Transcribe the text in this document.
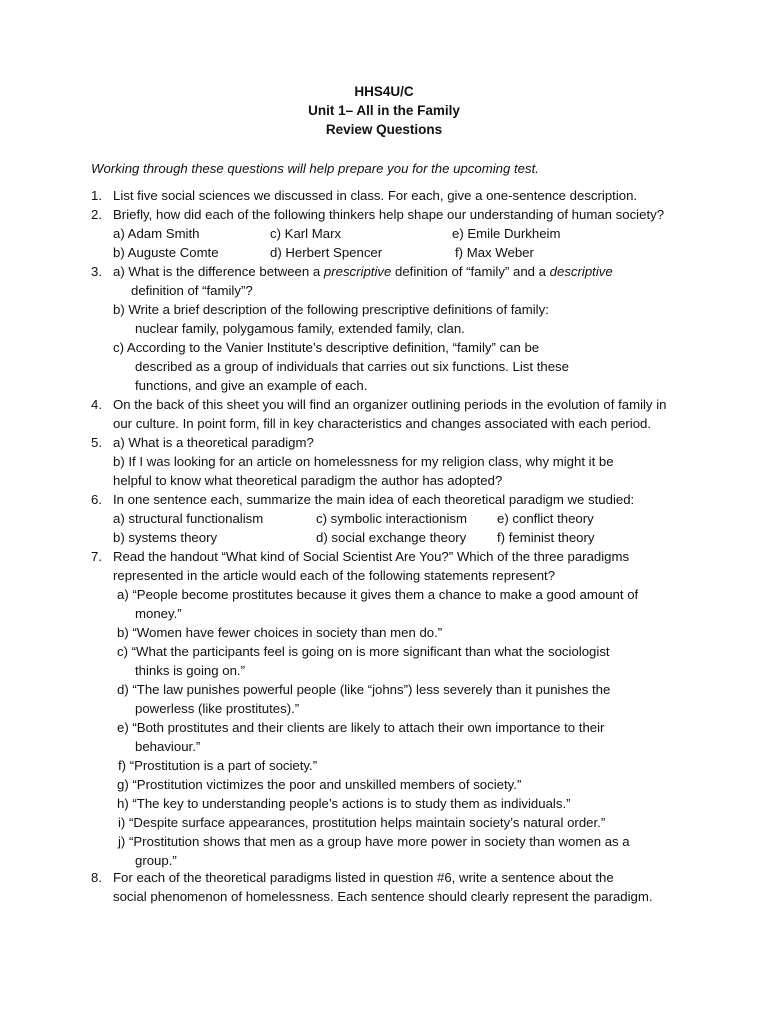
HHS4U/C
Unit 1– All in the Family
Review Questions
Working through these questions will help prepare you for the upcoming test.
1. List five social sciences we discussed in class. For each, give a one-sentence description.
2. Briefly, how did each of the following thinkers help shape our understanding of human society?
a) Adam Smith	c) Karl Marx	e) Emile Durkheim
b) Auguste Comte	d) Herbert Spencer	f) Max Weber
3. a) What is the difference between a prescriptive definition of “family” and a descriptive
definition of “family”?
b) Write a brief description of the following prescriptive definitions of family:
nuclear family, polygamous family, extended family, clan.
c) According to the Vanier Institute’s descriptive definition, “family” can be
described as a group of individuals that carries out six functions. List these
functions, and give an example of each.
4. On the back of this sheet you will find an organizer outlining periods in the evolution of family in
our culture. In point form, fill in key characteristics and changes associated with each period.
5. a) What is a theoretical paradigm?
b) If I was looking for an article on homelessness for my religion class, why might it be
helpful to know what theoretical paradigm the author has adopted?
6. In one sentence each, summarize the main idea of each theoretical paradigm we studied:
a) structural functionalism	c) symbolic interactionism e) conflict theory
b) systems theory	d) social exchange theory f) feminist theory
7. Read the handout “What kind of Social Scientist Are You?” Which of the three paradigms
represented in the article would each of the following statements represent?
a) “People become prostitutes because it gives them a chance to make a good amount of
money.”
b) “Women have fewer choices in society than men do.”
c) “What the participants feel is going on is more significant than what the sociologist
thinks is going on.”
d) “The law punishes powerful people (like “johns”) less severely than it punishes the
powerless (like prostitutes).”
e) “Both prostitutes and their clients are likely to attach their own importance to their
behaviour.”
f) “Prostitution is a part of society.”
g) “Prostitution victimizes the poor and unskilled members of society.”
h) “The key to understanding people’s actions is to study them as individuals.”
i) “Despite surface appearances, prostitution helps maintain society’s natural order.”
j) “Prostitution shows that men as a group have more power in society than women as a
group.”
8. For each of the theoretical paradigms listed in question #6, write a sentence about the
social phenomenon of homelessness. Each sentence should clearly represent the paradigm.
